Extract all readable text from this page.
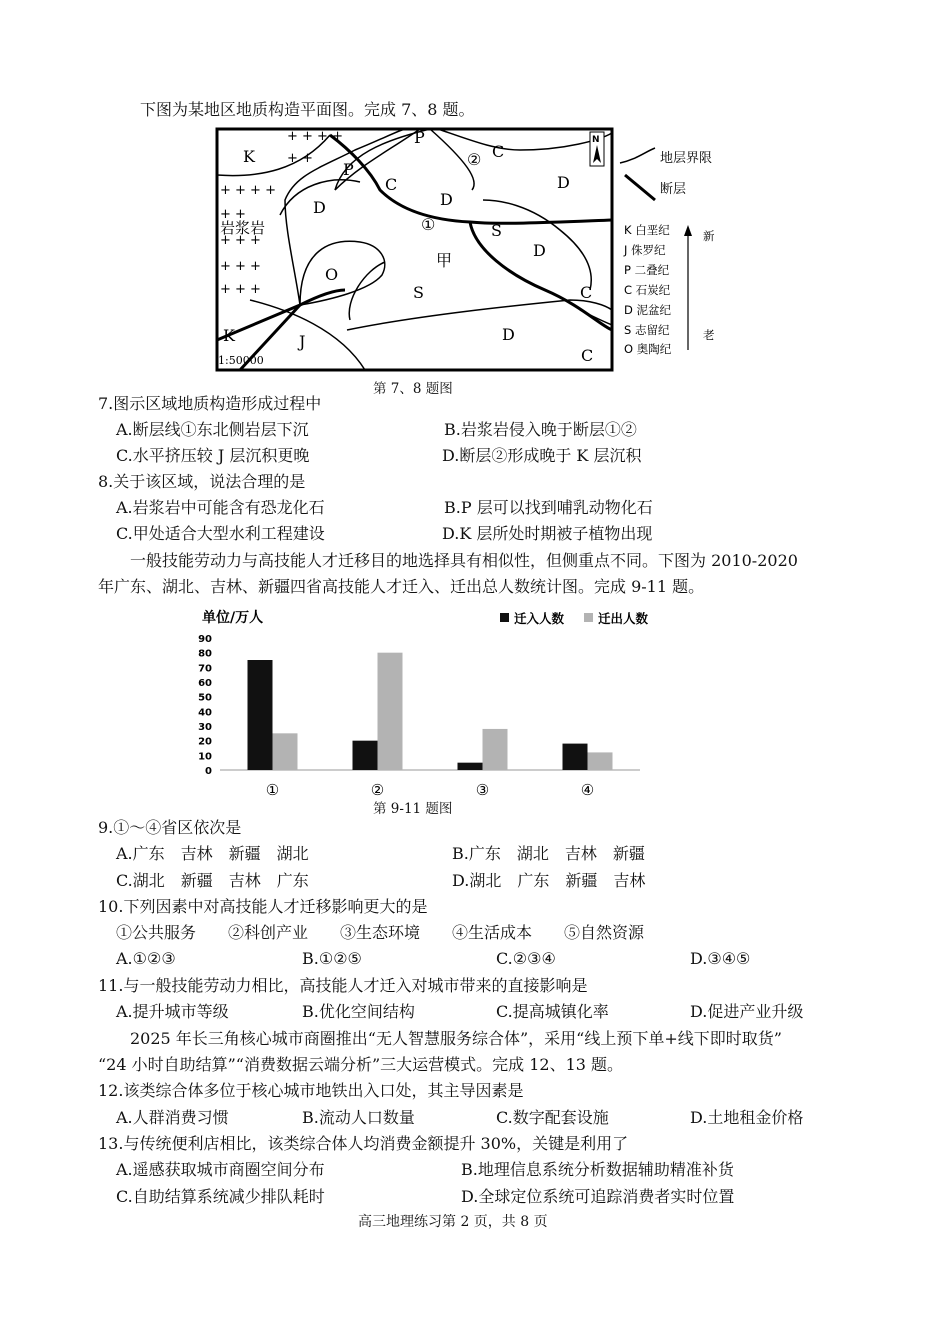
下图为某地区地质构造平面图。完成 7、8 题。
+ + + +
+ +
+ + + +
+ +
+ + +
+ + +
+ + +
K
P
C
P
C	D
D
D
S
D
O
S	C
K	J	D
C
甲
岩浆岩	①
②
1:50000
N
地层界限
断层
K 白垩纪
J 侏罗纪
P 二叠纪
C 石炭纪
D 泥盆纪
S 志留纪
O 奥陶纪
新
老
第 7、8 题图
7.图示区域地质构造形成过程中
A.断层线①东北侧岩层下沉	B.岩浆岩侵入晚于断层①②
C.水平挤压较 J 层沉积更晚	D.断层②形成晚于 K 层沉积
8.关于该区域，说法合理的是
A.岩浆岩中可能含有恐龙化石	B.P 层可以找到哺乳动物化石
C.甲处适合大型水利工程建设	D.K 层所处时期被子植物出现
一般技能劳动力与高技能人才迁移目的地选择具有相似性，但侧重点不同。下图为 2010-2020
年广东、湖北、吉林、新疆四省高技能人才迁入、迁出总人数统计图。完成 9-11 题。
单位/万人	迁入人数	迁出人数
0
10
20
30
40
50
60
70
80
90
①	②	③	④
第 9-11 题图
9.①～④省区依次是
A.广东　吉林　新疆　湖北	B.广东　湖北　吉林　新疆
C.湖北　新疆　吉林　广东	D.湖北　广东　新疆　吉林
10.下列因素中对高技能人才迁移影响更大的是
①公共服务　　②科创产业　　③生态环境　　④生活成本　　⑤自然资源
A.①②③	B.①②⑤	C.②③④	D.③④⑤
11.与一般技能劳动力相比，高技能人才迁入对城市带来的直接影响是
A.提升城市等级	B.优化空间结构	C.提高城镇化率	D.促进产业升级
2025 年长三角核心城市商圈推出“无人智慧服务综合体”，采用“线上预下单+线下即时取货”
“24 小时自助结算”“消费数据云端分析”三大运营模式。完成 12、13 题。
12.该类综合体多位于核心城市地铁出入口处，其主导因素是
A.人群消费习惯	B.流动人口数量	C.数字配套设施	D.土地租金价格
13.与传统便利店相比，该类综合体人均消费金额提升 30%，关键是利用了
A.遥感获取城市商圈空间分布	B.地理信息系统分析数据辅助精准补货
C.自助结算系统减少排队耗时	D.全球定位系统可追踪消费者实时位置
高三地理练习第 2 页，共 8 页
